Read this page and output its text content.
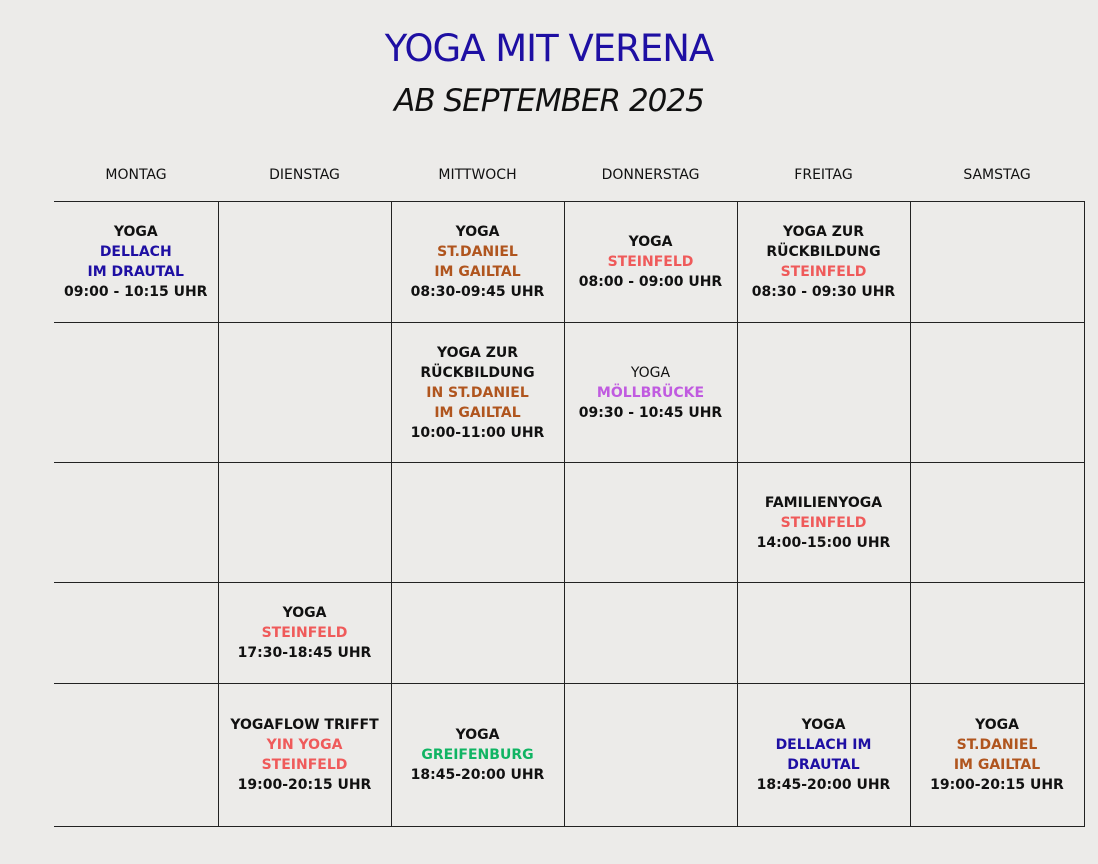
YOGA MIT VERENA
AB SEPTEMBER 2025
MONTAG	DIENSTAG	MITTWOCH	DONNERSTAG	FREITAG	SAMSTAG
YOGA
DELLACH
IM DRAUTAL
09:00 - 10:15 UHR		YOGA
ST.DANIEL
IM GAILTAL
08:30-09:45 UHR	YOGA
STEINFELD
08:00 - 09:00 UHR	YOGA ZUR
RÜCKBILDUNG
STEINFELD
08:30 - 09:30 UHR	

		YOGA ZUR
RÜCKBILDUNG
IN ST.DANIEL
IM GAILTAL
10:00-11:00 UHR	YOGA
MÖLLBRÜCKE
09:30 - 10:45 UHR		

				FAMILIENYOGA
STEINFELD
14:00-15:00 UHR	

	YOGA
STEINFELD
17:30-18:45 UHR				

	YOGAFLOW TRIFFT
YIN YOGA
STEINFELD
19:00-20:15 UHR	YOGA
GREIFENBURG
18:45-20:00 UHR		YOGA
DELLACH IM
DRAUTAL
18:45-20:00 UHR	YOGA
ST.DANIEL
IM GAILTAL
19:00-20:15 UHR
